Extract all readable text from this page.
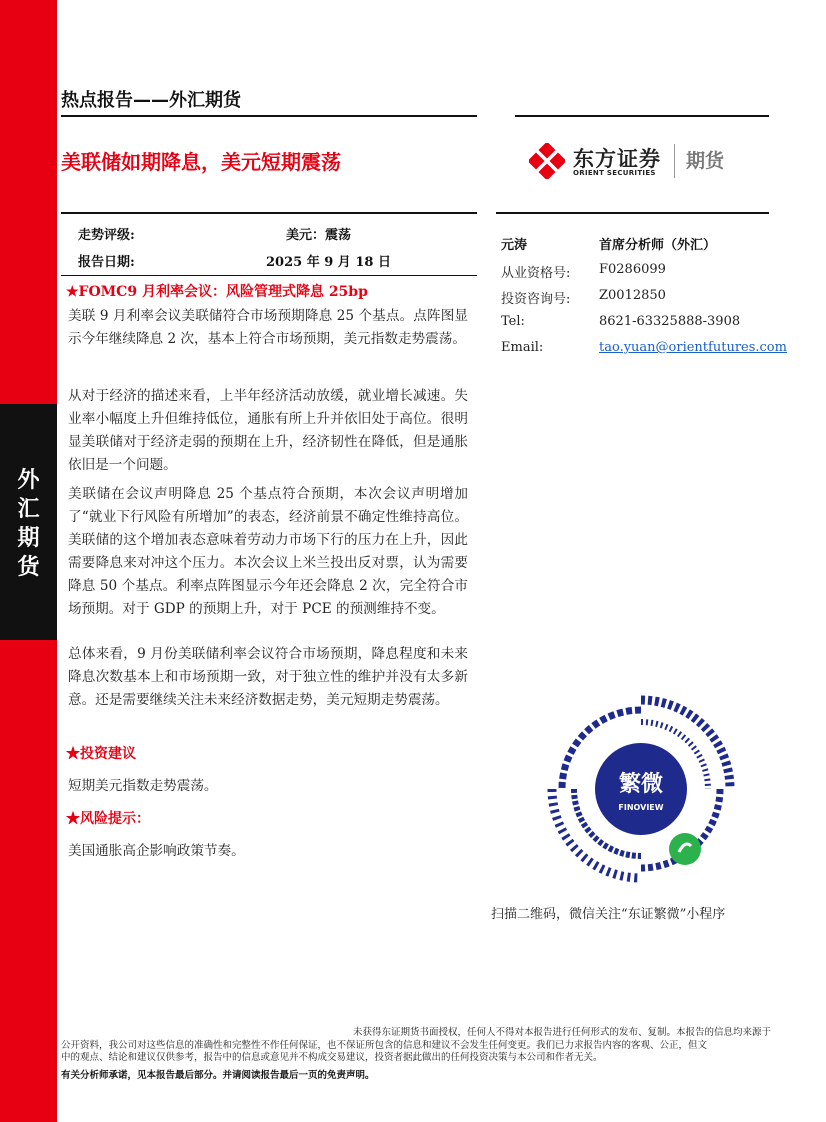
外
汇
期
货
热点报告——外汇期货
美联储如期降息，美元短期震荡	东方证券
ORIENT SECURITIES
期货
走势评级:	美元：震荡
报告日期:	2025 年 9 月 18 日
★FOMC9 月利率会议：风险管理式降息 25bp

美联 9 月利率会议美联储符合市场预期降息 25 个基点。点阵图显示今年继续降息 2 次，基本上符合市场预期，美元指数走势震荡。

从对于经济的描述来看，上半年经济活动放缓，就业增长减速。失业率小幅度上升但维持低位，通胀有所上升并依旧处于高位。很明显美联储对于经济走弱的预期在上升，经济韧性在降低，但是通胀依旧是一个问题。

美联储在会议声明降息 25 个基点符合预期，本次会议声明增加了“就业下行风险有所增加”的表态，经济前景不确定性维持高位。美联储的这个增加表态意味着劳动力市场下行的压力在上升，因此需要降息来对冲这个压力。本次会议上米兰投出反对票，认为需要降息 50 个基点。利率点阵图显示今年还会降息 2 次，完全符合市场预期。对于 GDP 的预期上升，对于 PCE 的预测维持不变。

总体来看，9 月份美联储利率会议符合市场预期，降息程度和未来降息次数基本上和市场预期一致，对于独立性的维护并没有太多新意。还是需要继续关注未来经济数据走势，美元短期走势震荡。

★投资建议

短期美元指数走势震荡。

★风险提示：

美国通胀高企影响政策节奏。

元涛	首席分析师（外汇）
从业资格号: F0286099
投资咨询号: Z0012850
Tel:	8621-63325888-3908
Email:	tao.yuan@orientfutures.com
繁微
FINOVIEW
扫描二维码，微信关注“东证繁微”小程序

未获得东证期货书面授权，任何人不得对本报告进行任何形式的发布、复制。本报告的信息均来源于

公开资料，我公司对这些信息的准确性和完整性不作任何保证，也不保证所包含的信息和建议不会发生任何变更。我们已力求报告内容的客观、公正，但文

中的观点、结论和建议仅供参考，报告中的信息或意见并不构成交易建议，投资者据此做出的任何投资决策与本公司和作者无关。

有关分析师承诺，见本报告最后部分。并请阅读报告最后一页的免责声明。
